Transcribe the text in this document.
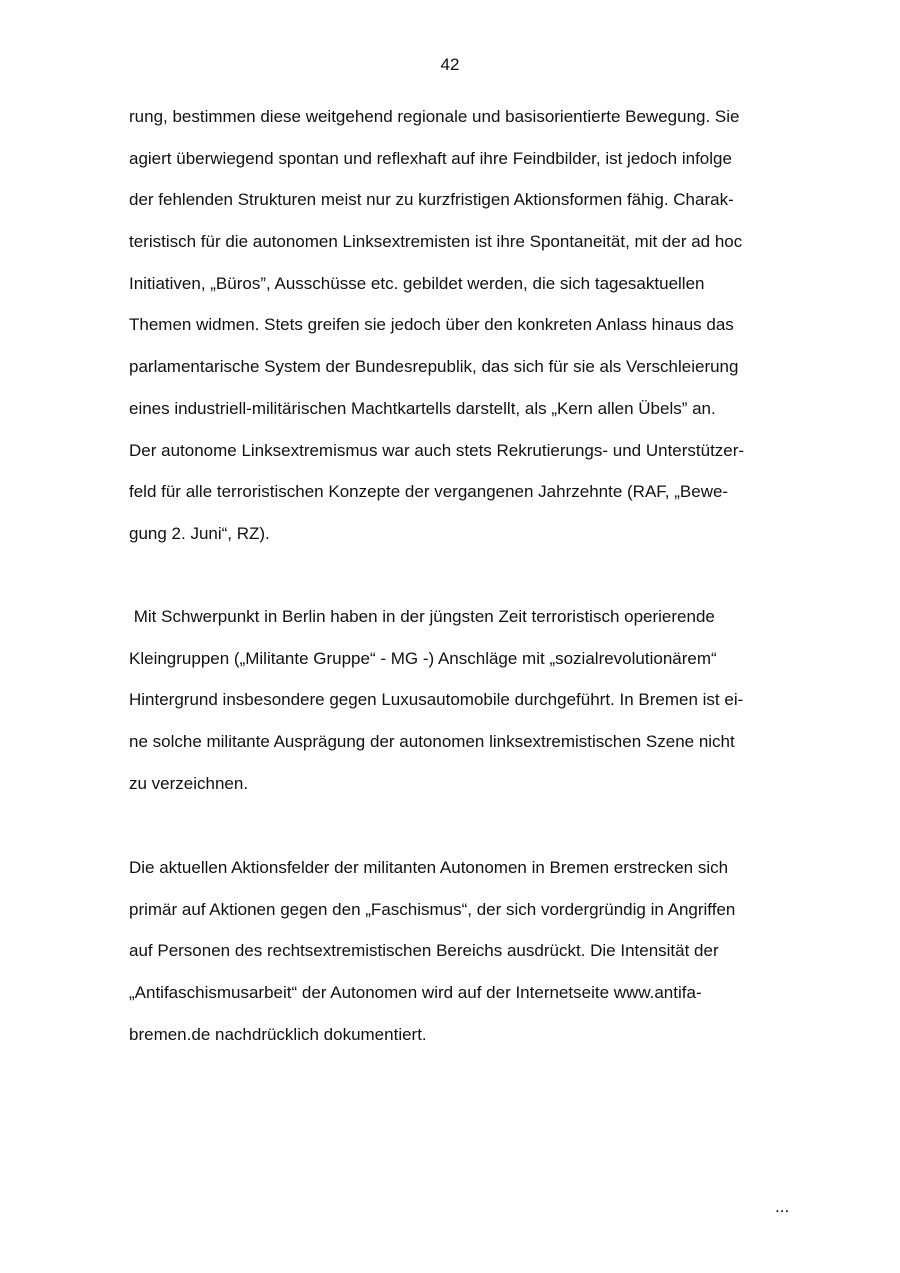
42
rung, bestimmen diese weitgehend regionale und basisorientierte Bewegung. Sie
agiert überwiegend spontan und reflexhaft auf ihre Feindbilder, ist jedoch infolge
der fehlenden Strukturen meist nur zu kurzfristigen Aktionsformen fähig. Charak-
teristisch für die autonomen Linksextremisten ist ihre Spontaneität, mit der ad hoc
Initiativen, „Büros”, Ausschüsse etc. gebildet werden, die sich tagesaktuellen
Themen widmen. Stets greifen sie jedoch über den konkreten Anlass hinaus das
parlamentarische System der Bundesrepublik, das sich für sie als Verschleierung
eines industriell-militärischen Machtkartells darstellt, als „Kern allen Übels” an.
Der autonome Linksextremismus war auch stets Rekrutierungs- und Unterstützer-
feld für alle terroristischen Konzepte der vergangenen Jahrzehnte (RAF, „Bewe-
gung 2. Juni“, RZ).
Mit Schwerpunkt in Berlin haben in der jüngsten Zeit terroristisch operierende
Kleingruppen („Militante Gruppe“ - MG -) Anschläge mit „sozialrevolutionärem“
Hintergrund insbesondere gegen Luxusautomobile durchgeführt. In Bremen ist ei-
ne solche militante Ausprägung der autonomen linksextremistischen Szene nicht
zu verzeichnen.
Die aktuellen Aktionsfelder der militanten Autonomen in Bremen erstrecken sich
primär auf Aktionen gegen den „Faschismus“, der sich vordergründig in Angriffen
auf Personen des rechtsextremistischen Bereichs ausdrückt. Die Intensität der
„Antifaschismusarbeit“ der Autonomen wird auf der Internetseite www.antifa-
bremen.de nachdrücklich dokumentiert.
...
